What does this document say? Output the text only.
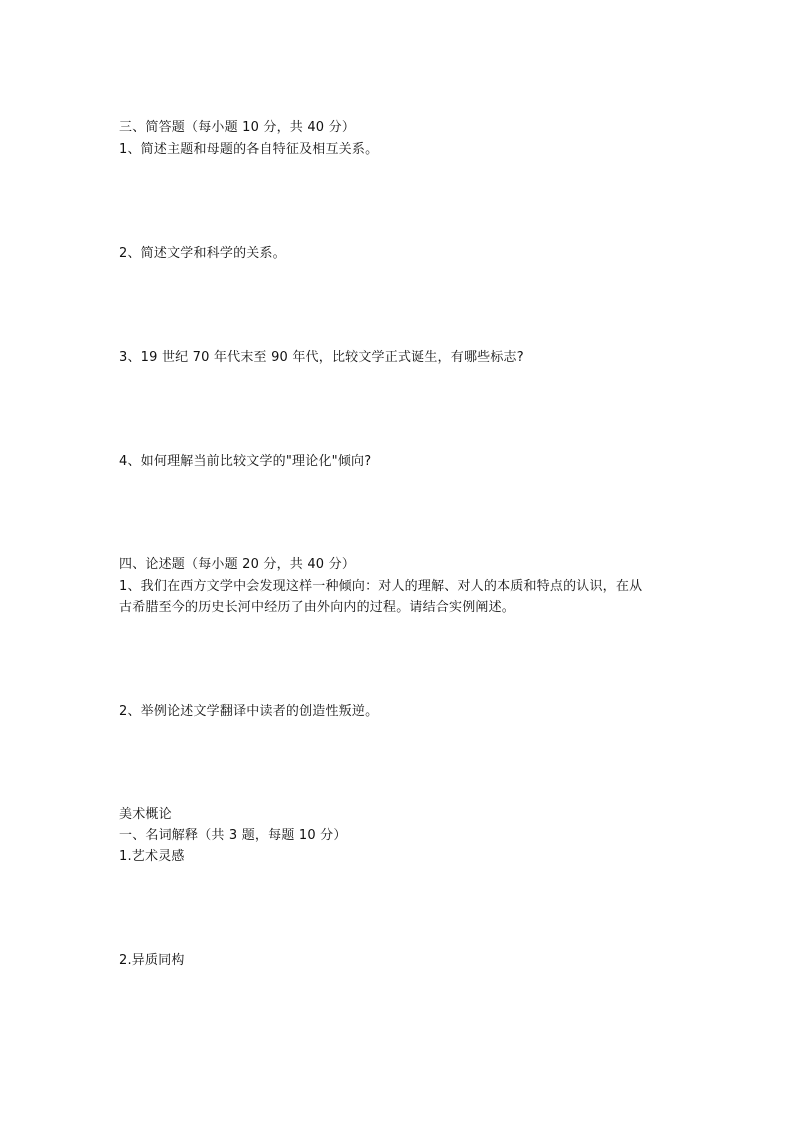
三、简答题（每小题 10 分，共 40 分）
1、简述主题和母题的各自特征及相互关系。
2、简述文学和科学的关系。
3、19 世纪 70 年代末至 90 年代，比较文学正式诞生，有哪些标志?
4、如何理解当前比较文学的"理论化"倾向?
四、论述题（每小题 20 分，共 40 分）
1、我们在西方文学中会发现这样一种倾向：对人的理解、对人的本质和特点的认识，在从
古希腊至今的历史长河中经历了由外向内的过程。请结合实例阐述。
2、举例论述文学翻译中读者的创造性叛逆。
美术概论
一、名词解释（共 3 题，每题 10 分）
1.艺术灵感
2.异质同构
